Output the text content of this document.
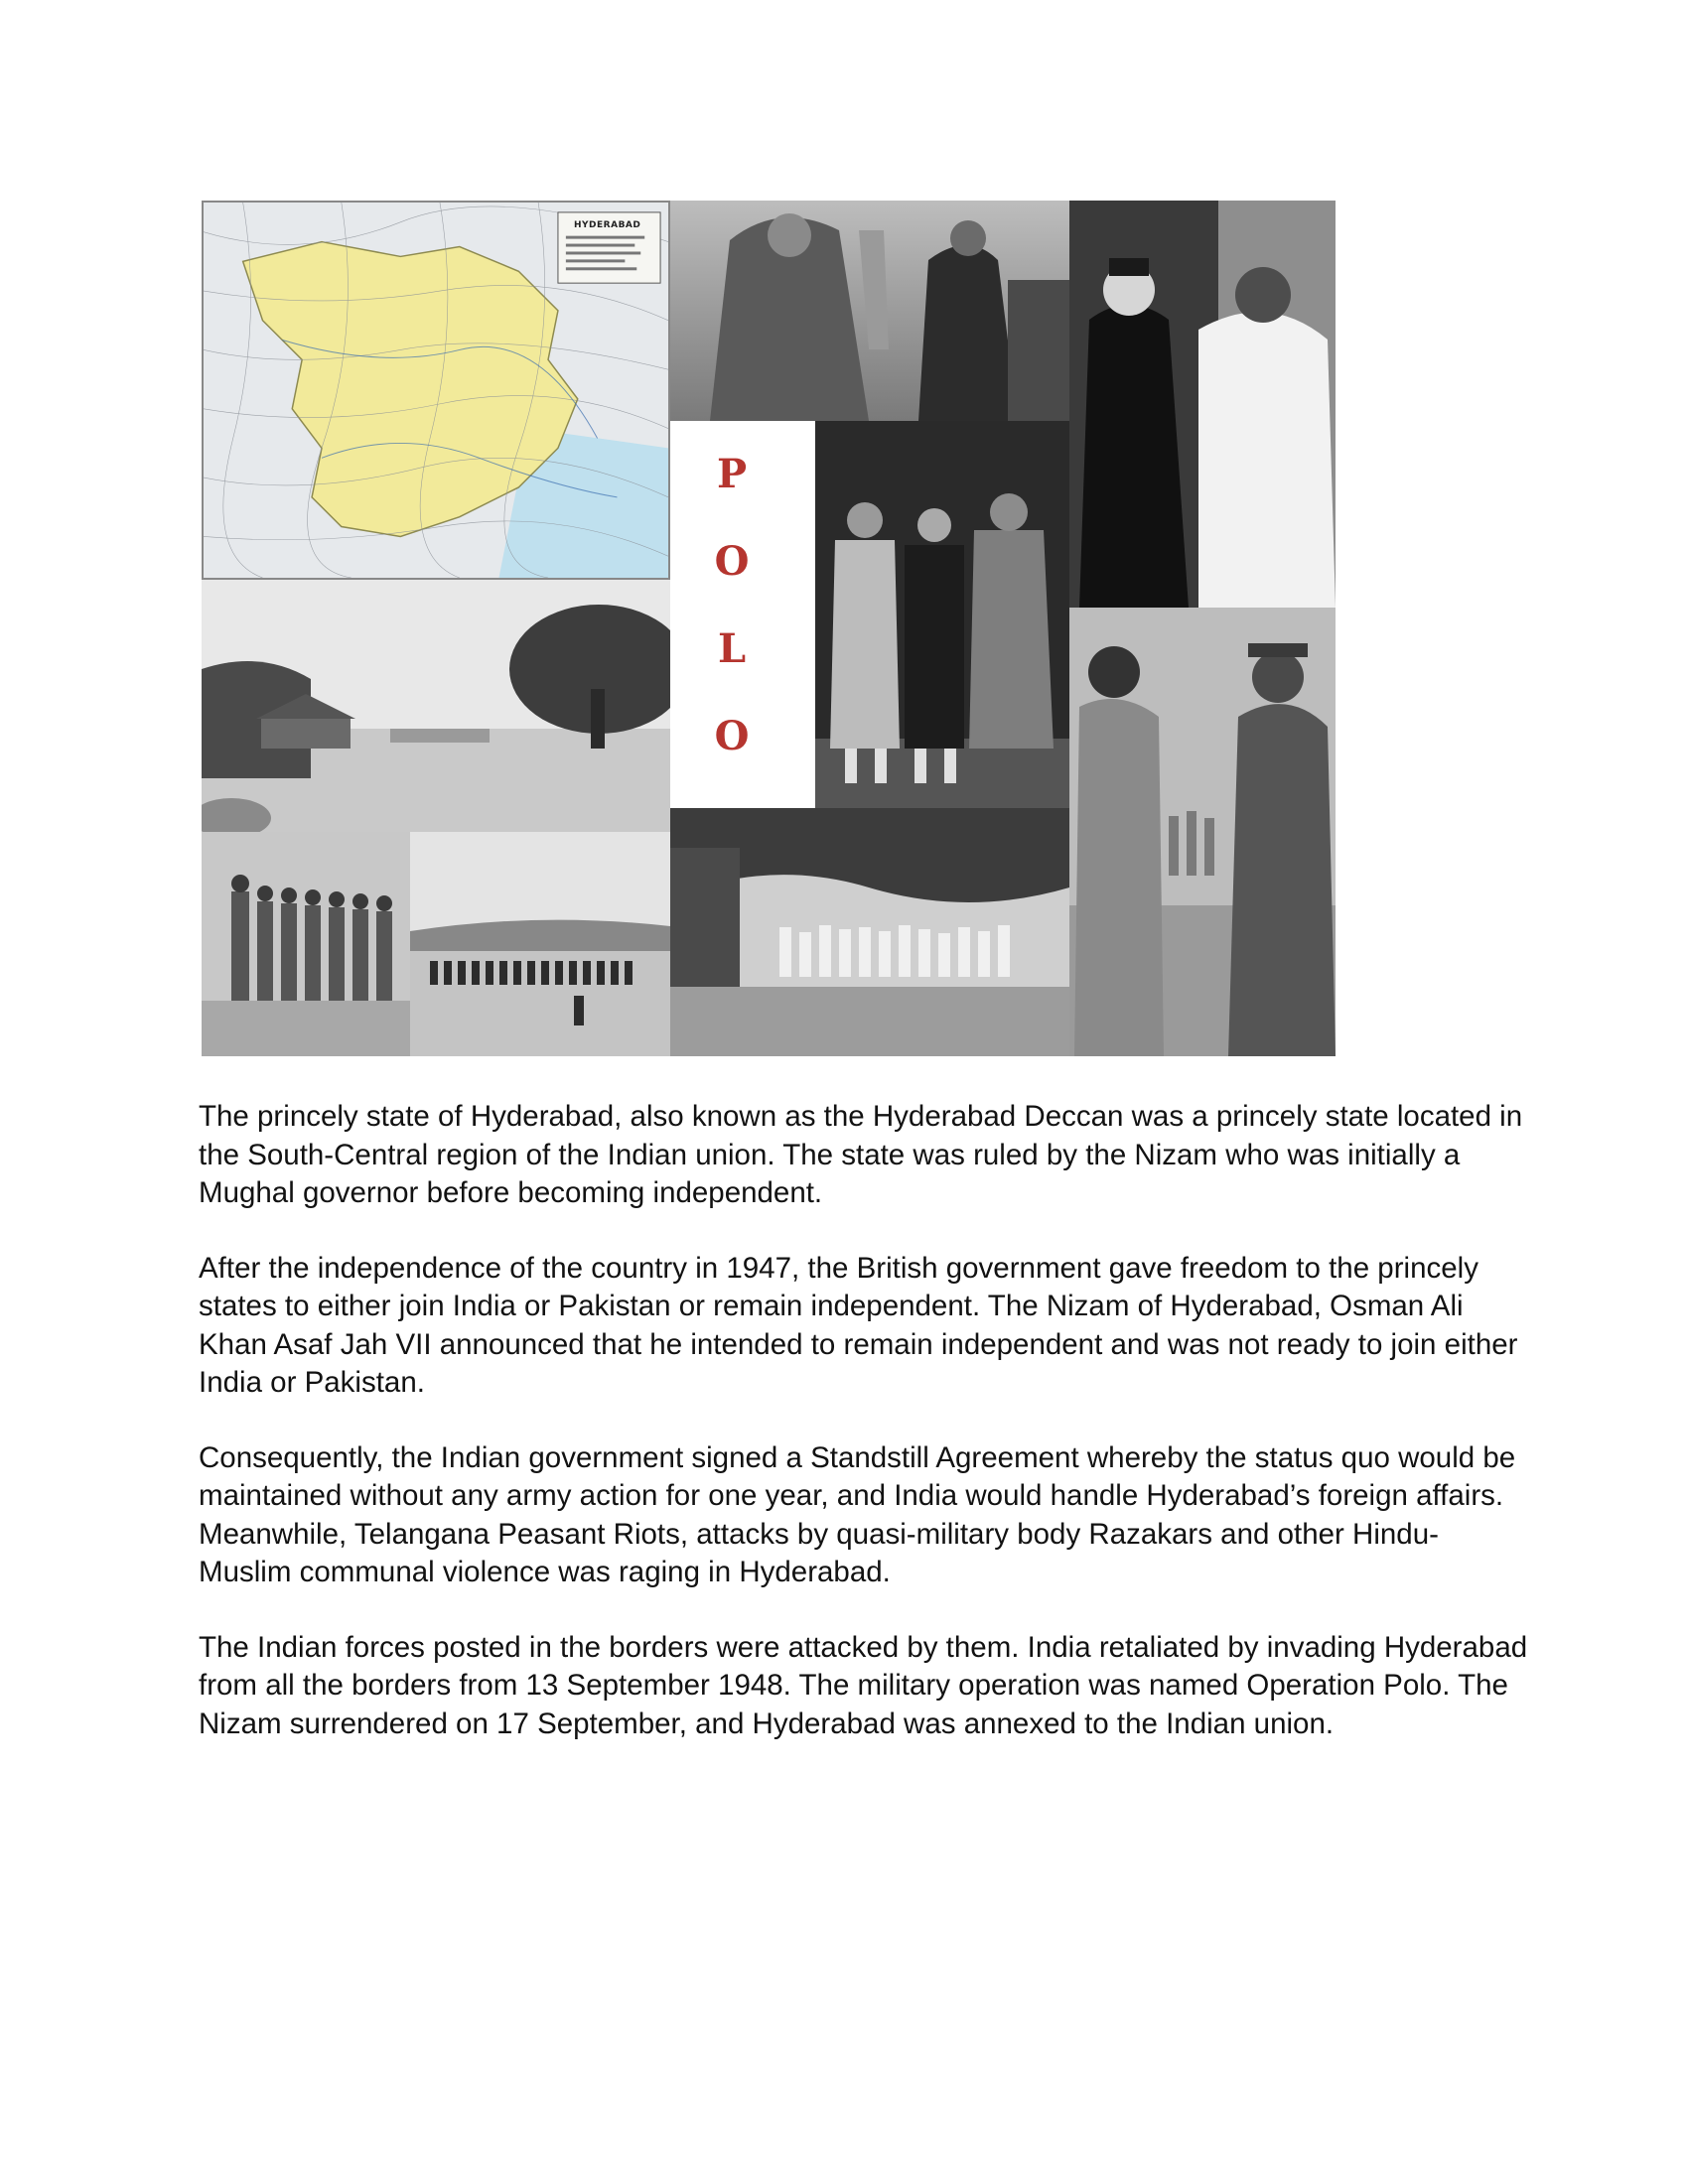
HYDERABAD
P
O
L
O

The princely state of Hyderabad, also known as the Hyderabad Deccan was a princely state located in the South-Central region of the Indian union. The state was ruled by the Nizam who was initially a Mughal governor before becoming independent.

After the independence of the country in 1947, the British government gave freedom to the princely states to either join India or Pakistan or remain independent. The Nizam of Hyderabad, Osman Ali Khan Asaf Jah VII announced that he intended to remain independent and was not ready to join either India or Pakistan.

Consequently, the Indian government signed a Standstill Agreement whereby the status quo would be maintained without any army action for one year, and India would handle Hyderabad’s foreign affairs. Meanwhile, Telangana Peasant Riots, attacks by quasi-military body Razakars and other Hindu-Muslim communal violence was raging in Hyderabad.

The Indian forces posted in the borders were attacked by them. India retaliated by invading Hyderabad from all the borders from 13 September 1948. The military operation was named Operation Polo. The Nizam surrendered on 17 September, and Hyderabad was annexed to the Indian union.
